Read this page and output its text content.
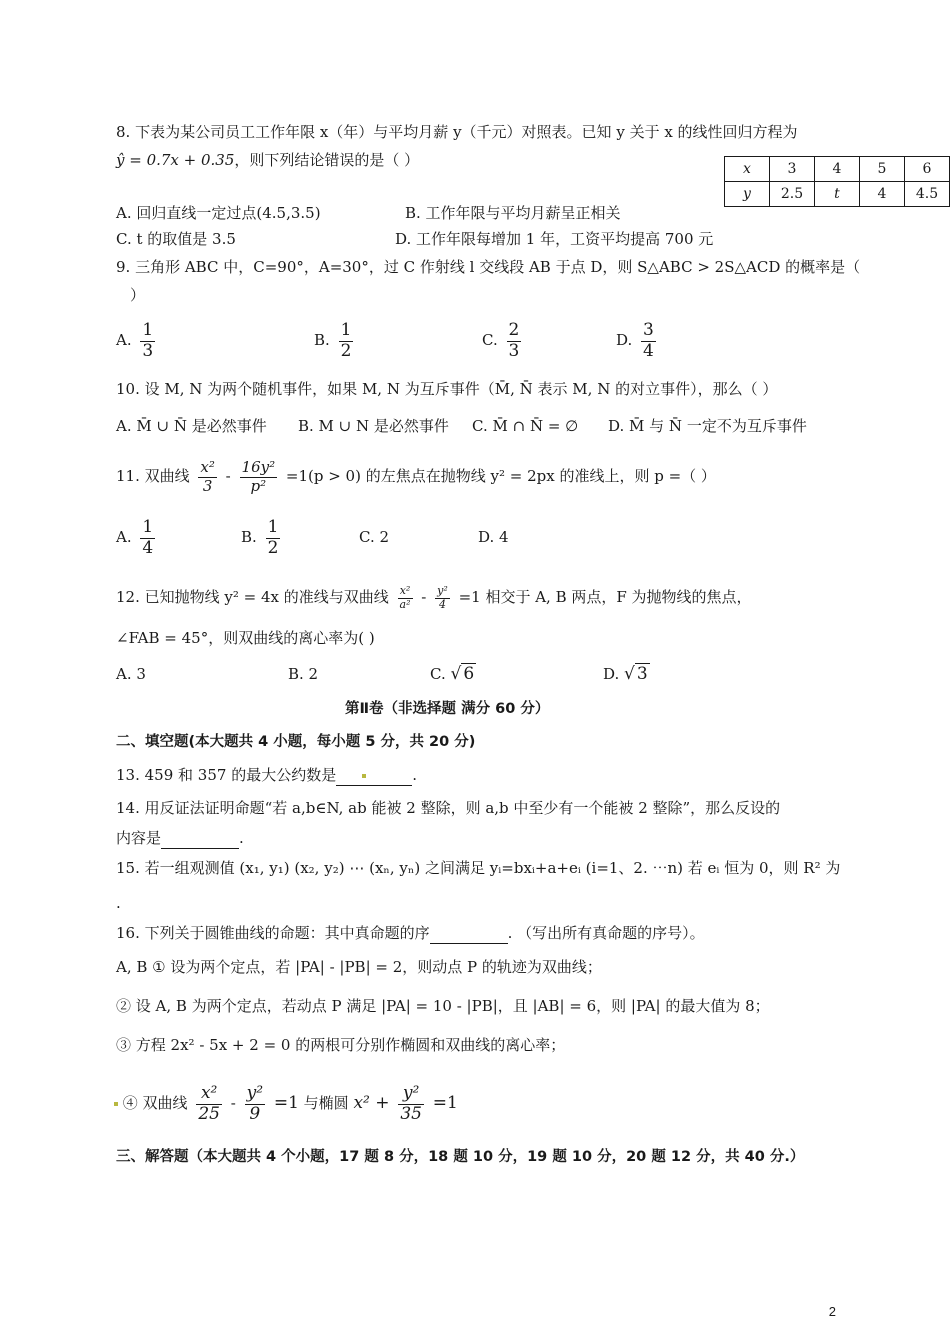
8. 下表为某公司员工工作年限 x（年）与平均月薪 y（千元）对照表。已知 y 关于 x 的线性回归方程为
ŷ = 0.7x + 0.35，则下列结论错误的是（ ）	x	3	4	5	6
y	2.5	t	4	4.5
A. 回归直线一定过点(4.5,3.5)	B. 工作年限与平均月薪呈正相关
C. t 的取值是 3.5	D. 工作年限每增加 1 年，工资平均提高 700 元
9. 三角形 ABC 中，C=90°，A=30°，过 C 作射线 l 交线段 AB 于点 D，则 S△ABC > 2S△ACD 的概率是（
）
A. $\frac{1}{3}$	B. $\frac{1}{2}$	C. $\frac{2}{3}$	D. $\frac{3}{4}$
10. 设 M, N 为两个随机事件，如果 M, N 为互斥事件（M̄, N̄ 表示 M, N 的对立事件），那么（ ）
A. M̄ ∪ N̄ 是必然事件 B. M ∪ N 是必然事件 C. M̄ ∩ N̄ = ∅ D. M̄ 与 N̄ 一定不为互斥事件
11. 双曲线 $\frac{\text{x²}}{3} - \frac{\text{16y²}}{\text{p²}} =1(p > 0)$ 的左焦点在抛物线 y² = 2px 的准线上，则 p =（ ）
A. $\frac{1}{4}$	B. $\frac{1}{2}$	C. 2	D. 4
12. 已知抛物线 y² = 4x 的准线与双曲线 $\frac{\text{x²}}{\text{a²}} - \frac{\text{y²}}{4} =1$ 相交于 A, B 两点，F 为抛物线的焦点，
∠FAB = 45°，则双曲线的离心率为( )
A. 3	B. 2	C. √ 6	D. √ 3
第Ⅱ卷（非选择题 满分 60 分）
二、填空题(本大题共 4 小题，每小题 5 分，共 20 分)
13. 459 和 357 的最大公约数是	.
14. 用反证法证明命题“若 a,b∈N, ab 能被 2 整除，则 a,b 中至少有一个能被 2 整除”，那么反设的
内容是	.
15. 若一组观测值 (x₁, y₁) (x₂, y₂) ⋯ (xₙ, yₙ) 之间满足 yᵢ=bxᵢ+a+eᵢ (i=1、2. ⋯n) 若 eᵢ 恒为 0，则 R² 为
.
16. 下列关于圆锥曲线的命题：其中真命题的序	. （写出所有真命题的序号）。
A, B ① 设为两个定点，若 |PA| - |PB| = 2，则动点 P 的轨迹为双曲线；
② 设 A, B 为两个定点，若动点 P 满足 |PA| = 10 - |PB|，且 |AB| = 6，则 |PA| 的最大值为 8；
③ 方程 2x² - 5x + 2 = 0 的两根可分别作椭圆和双曲线的离心率；
④ 双曲线 $\frac{\text{x²}}{25} - \frac{\text{y²}}{9} =1$ 与椭圆 $x^2 + \frac{\text{y²}}{35} =1$
三、解答题（本大题共 4 个小题，17 题 8 分，18 题 10 分，19 题 10 分，20 题 12 分，共 40 分.）
2
